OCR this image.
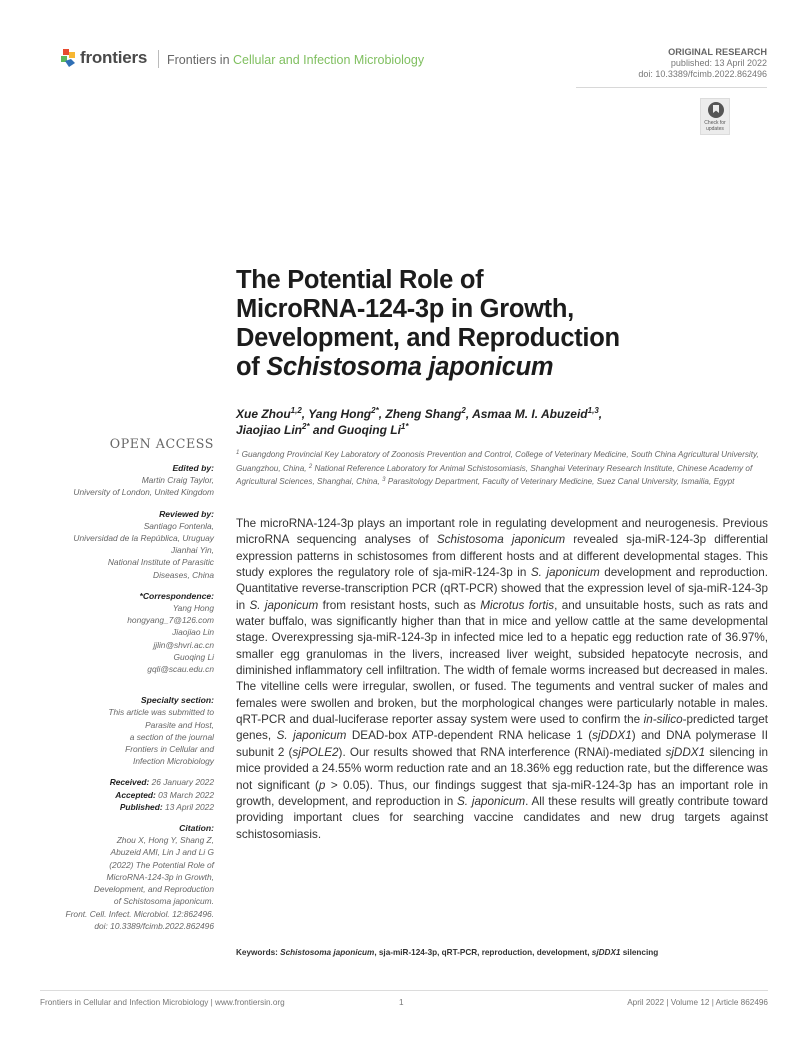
frontiers Frontiers in Cellular and Infection Microbiology
ORIGINAL RESEARCH
published: 13 April 2022
doi: 10.3389/fcimb.2022.862496
Check for updates
The Potential Role of
MicroRNA-124-3p in Growth,
Development, and Reproduction
of Schistosoma japonicum
Xue Zhou$^{1,2}$, Yang Hong$^{2*}$, Zheng Shang$^2$, Asmaa M. I. Abuzeid$^{1,3}$,
Jiaojiao Lin$^{2*}$ and Guoqing $Li^{1*}$
$^1$ Guangdong Provincial Key Laboratory of Zoonosis Prevention and Control, College of Veterinary Medicine, South China Agricultural University, Guangzhou, China, $^2$ National Reference Laboratory for Animal Schistosomiasis, Shanghai Veterinary Research Institute, Chinese Academy of Agricultural Sciences, Shanghai, China, $^3$ Parasitology Department, Faculty of Veterinary Medicine, Suez Canal University, Ismailia, Egypt
OPEN ACCESS
Edited by:
Martin Craig Taylor,
University of London, United Kingdom
Reviewed by:
Santiago Fontenla,
Universidad de la República, Uruguay
Jianhai Yin,
National Institute of Parasitic
Diseases, China
*Correspondence:
Yang Hong
hongyang_7@126.com
Jiaojiao Lin
jjlin@shvri.ac.cn
Guoqing Li
gqli@scau.edu.cn
Specialty section:
This article was submitted to
Parasite and Host,
a section of the journal
Frontiers in Cellular and
Infection Microbiology
Received: 26 January 2022
Accepted: 03 March 2022
Published: 13 April 2022
Citation:
Zhou X, Hong Y, Shang Z,
Abuzeid AMI, Lin J and Li G
(2022) The Potential Role of
MicroRNA-124-3p in Growth,
Development, and Reproduction
of Schistosoma japonicum.
Front. Cell. Infect. Microbiol. 12:862496.
doi: 10.3389/fcimb.2022.862496
The microRNA-124-3p plays an important role in regulating development and neurogenesis. Previous microRNA sequencing analyses of Schistosoma japonicum revealed sja-miR-124-3p differential expression patterns in schistosomes from different hosts and at different developmental stages. This study explores the regulatory role of sja-miR-124-3p in S. japonicum development and reproduction. Quantitative reverse-transcription PCR (qRT-PCR) showed that the expression level of sja-miR-124-3p in S. japonicum from resistant hosts, such as Microtus fortis, and unsuitable hosts, such as rats and water buffalo, was significantly higher than that in mice and yellow cattle at the same developmental stage. Overexpressing sja-miR-124-3p in infected mice led to a hepatic egg reduction rate of 36.97%, smaller egg granulomas in the livers, increased liver weight, subsided hepatocyte necrosis, and diminished inflammatory cell infiltration. The width of female worms increased but decreased in males. The vitelline cells were irregular, swollen, or fused. The teguments and ventral sucker of males and females were swollen and broken, but the morphological changes were particularly notable in males. qRT-PCR and dual-luciferase reporter assay system were used to confirm the in-silico-predicted target genes, S. japonicum DEAD-box ATP-dependent RNA helicase 1 (sjDDX1) and DNA polymerase II subunit 2 (sjPOLE2). Our results showed that RNA interference (RNAi)-mediated sjDDX1 silencing in mice provided a 24.55% worm reduction rate and an 18.36% egg reduction rate, but the difference was not significant (p > 0.05). Thus, our findings suggest that sja-miR-124-3p has an important role in growth, development, and reproduction in S. japonicum. All these results will greatly contribute toward providing important clues for searching vaccine candidates and new drug targets against schistosomiasis.
Keywords: Schistosoma japonicum, sja-miR-124-3p, qRT-PCR, reproduction, development, sjDDX1 silencing
Frontiers in Cellular and Infection Microbiology | www.frontiersin.org	1	April 2022 | Volume 12 | Article 862496
